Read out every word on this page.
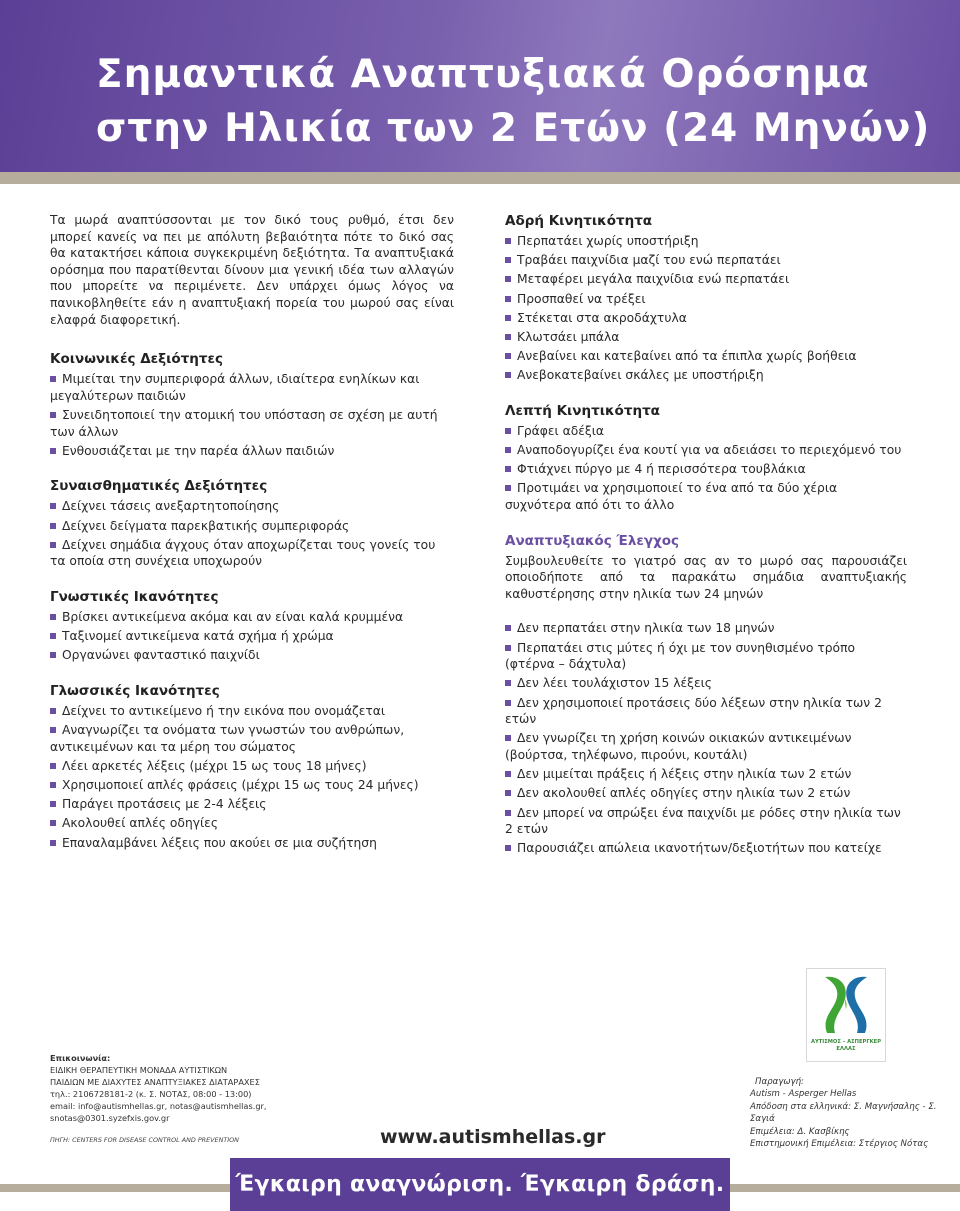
Σημαντικά Αναπτυξιακά Ορόσημα
στην Ηλικία των 2 Ετών (24 Μηνών)

Τα μωρά αναπτύσσονται με τον δικό τους ρυθμό, έτσι δεν μπορεί κανείς να πει με απόλυτη βεβαιότητα πότε το δικό σας θα κατακτήσει κάποια συγκεκριμένη δεξιότητα. Τα αναπτυξιακά ορόσημα που παρατίθενται δίνουν μια γενική ιδέα των αλλαγών που μπορείτε να περιμένετε. Δεν υπάρχει όμως λόγος να πανικοβληθείτε εάν η αναπτυξιακή πορεία του μωρού σας είναι ελαφρά διαφορετική.

Κοινωνικές Δεξιότητες
Μιμείται την συμπεριφορά άλλων, ιδιαίτερα ενηλίκων και μεγαλύτερων παιδιών
Συνειδητοποιεί την ατομική του υπόσταση σε σχέση με αυτή των άλλων
Ενθουσιάζεται με την παρέα άλλων παιδιών
Συναισθηματικές Δεξιότητες
Δείχνει τάσεις ανεξαρτητοποίησης
Δείχνει δείγματα παρεκβατικής συμπεριφοράς
Δείχνει σημάδια άγχους όταν αποχωρίζεται τους γονείς του τα οποία στη συνέχεια υποχωρούν
Γνωστικές Ικανότητες
Βρίσκει αντικείμενα ακόμα και αν είναι καλά κρυμμένα
Ταξινομεί αντικείμενα κατά σχήμα ή χρώμα
Οργανώνει φανταστικό παιχνίδι
Γλωσσικές Ικανότητες
Δείχνει το αντικείμενο ή την εικόνα που ονομάζεται
Αναγνωρίζει τα ονόματα των γνωστών του ανθρώπων, αντικειμένων και τα μέρη του σώματος
Λέει αρκετές λέξεις (μέχρι 15 ως τους 18 μήνες)
Χρησιμοποιεί απλές φράσεις (μέχρι 15 ως τους 24 μήνες)
Παράγει προτάσεις με 2-4 λέξεις
Ακολουθεί απλές οδηγίες
Επαναλαμβάνει λέξεις που ακούει σε μια συζήτηση
Αδρή Κινητικότητα
Περπατάει χωρίς υποστήριξη
Τραβάει παιχνίδια μαζί του ενώ περπατάει
Μεταφέρει μεγάλα παιχνίδια ενώ περπατάει
Προσπαθεί να τρέξει
Στέκεται στα ακροδάχτυλα
Κλωτσάει μπάλα
Ανεβαίνει και κατεβαίνει από τα έπιπλα χωρίς βοήθεια
Ανεβοκατεβαίνει σκάλες με υποστήριξη
Λεπτή Κινητικότητα
Γράφει αδέξια
Αναποδογυρίζει ένα κουτί για να αδειάσει το περιεχόμενό του
Φτιάχνει πύργο με 4 ή περισσότερα τουβλάκια
Προτιμάει να χρησιμοποιεί το ένα από τα δύο χέρια συχνότερα από ότι το άλλο
Αναπτυξιακός Έλεγχος

Συμβουλευθείτε το γιατρό σας αν το μωρό σας παρουσιάζει οποιοδήποτε από τα παρακάτω σημάδια αναπτυξιακής καθυστέρησης στην ηλικία των 24 μηνών

Δεν περπατάει στην ηλικία των 18 μηνών
Περπατάει στις μύτες ή όχι με τον συνηθισμένο τρόπο (φτέρνα – δάχτυλα)
Δεν λέει τουλάχιστον 15 λέξεις
Δεν χρησιμοποιεί προτάσεις δύο λέξεων στην ηλικία των 2 ετών
Δεν γνωρίζει τη χρήση κοινών οικιακών αντικειμένων (βούρτσα, τηλέφωνο, πιρούνι, κουτάλι)
Δεν μιμείται πράξεις ή λέξεις στην ηλικία των 2 ετών
Δεν ακολουθεί απλές οδηγίες στην ηλικία των 2 ετών
Δεν μπορεί να σπρώξει ένα παιχνίδι με ρόδες στην ηλικία των 2 ετών
Παρουσιάζει απώλεια ικανοτήτων/δεξιοτήτων που κατείχε
ΑΥΤΙΣΜΟΣ – ΑΣΠΕΡΓΚΕΡ
ΕΛΛΑΣ
Επικοινωνία:
ΕΙΔΙΚΗ ΘΕΡΑΠΕΥΤΙΚΗ ΜΟΝΑΔΑ ΑΥΤΙΣΤΙΚΩΝ
ΠΑΙΔΙΩΝ ΜΕ ΔΙΑΧΥΤΕΣ ΑΝΑΠΤΥΞΙΑΚΕΣ ΔΙΑΤΑΡΑΧΕΣ
τηλ.: 2106728181-2 (κ. Σ. ΝΟΤΑΣ, 08:00 - 13:00)
email: info@autismhellas.gr, notas@autismhellas.gr, snotas@0301.syzefxis.gov.gr
ΠΗΓΗ: CENTERS FOR DISEASE CONTROL AND PREVENTION	www.autismhellas.gr
Παραγωγή:
Autism - Asperger Hellas
Απόδοση στα ελληνικά: Σ. Μαγνήσαλης - Σ. Σαγιά
Επιμέλεια: Δ. Κασβίκης
Επιστημονική Επιμέλεια: Στέργιος Νότας
Έγκαιρη αναγνώριση. Έγκαιρη δράση.
